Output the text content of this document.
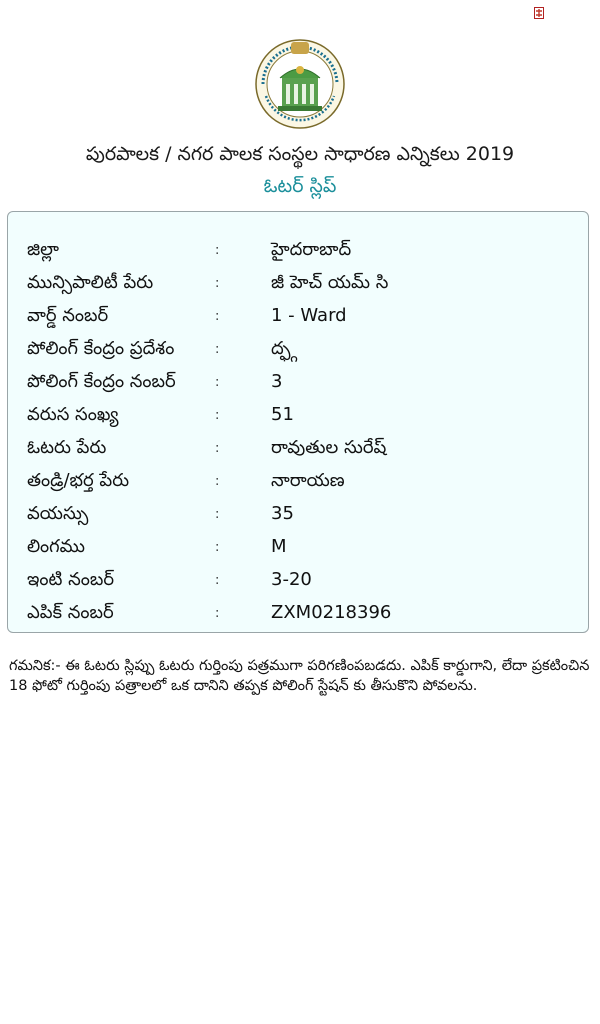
పురపాలక / నగర పాలక సంస్థల సాధారణ ఎన్నికలు 2019
ఓటర్ స్లిప్
జిల్లా	:	హైదరాబాద్
మున్సిపాలిటీ పేరు	:	జీ హెచ్ యమ్ సి
వార్డ్ నంబర్	:	1 - Ward
పోలింగ్ కేంద్రం ప్రదేశం	:	ద్ఫ్గ
పోలింగ్ కేంద్రం నంబర్	:	3
వరుస సంఖ్య	:	51
ఓటరు పేరు	:	రావుతుల సురేష్
తండ్రి/భర్త పేరు	:	నారాయణ
వయస్సు	:	35
లింగము	:	M
ఇంటి నంబర్	:	3-20
ఎపిక్ నంబర్	:	ZXM0218396
గమనిక:- ఈ ఓటరు స్లిప్పు ఓటరు గుర్తింపు పత్రముగా పరిగణింపబడదు. ఎపిక్ కార్డుగాని, లేదా ప్రకటించిన 18 ఫోటో గుర్తింపు పత్రాలలో ఒక దానిని తప్పక పోలింగ్ స్టేషన్ కు తీసుకొని పోవలను.
